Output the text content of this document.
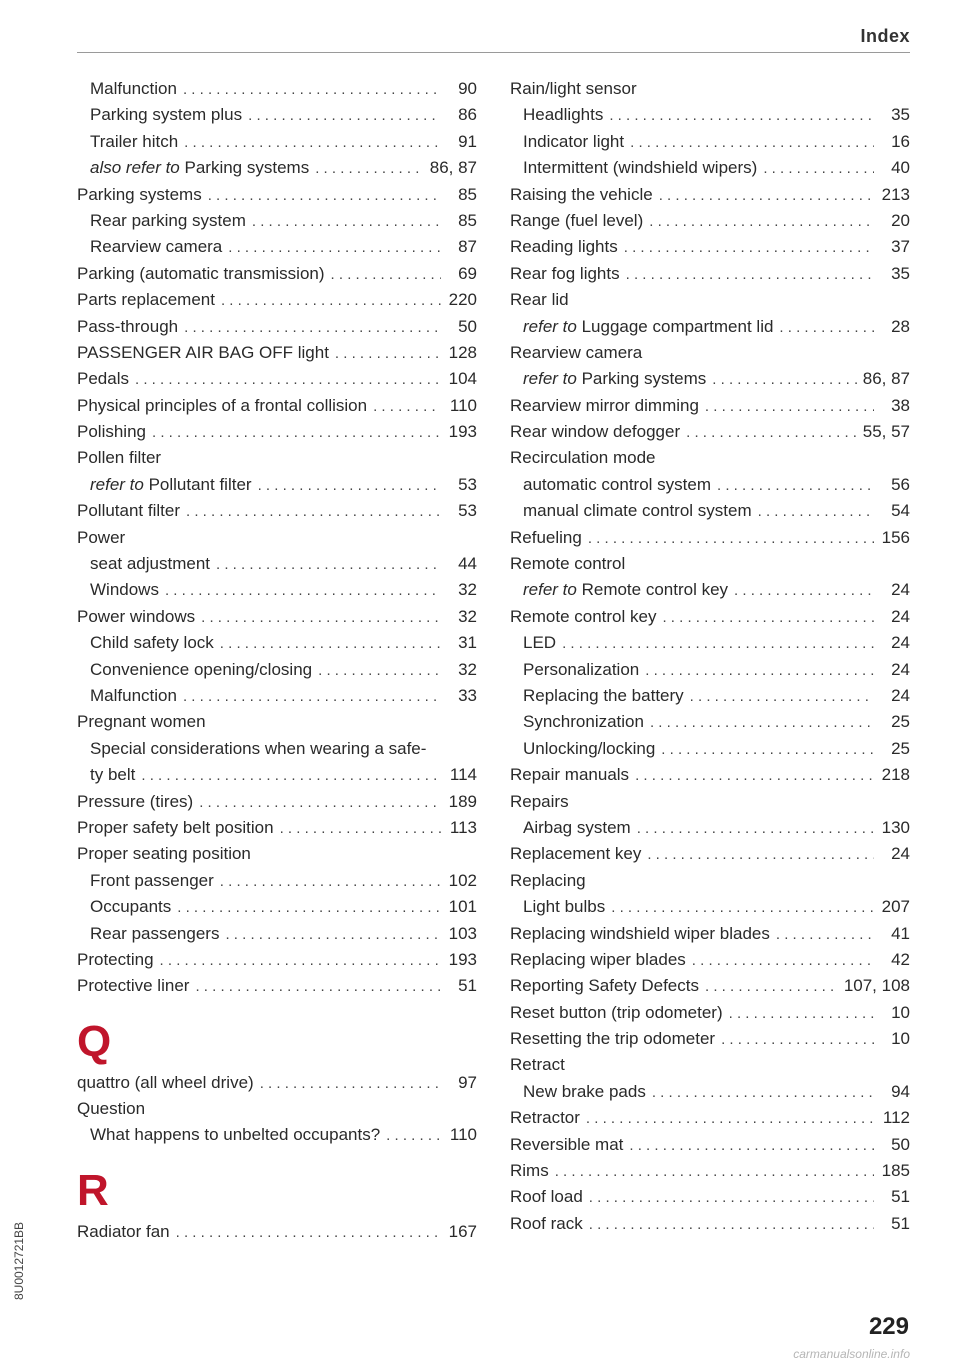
Index
Malfunction . . .	90
Parking system plus . . .	86
Trailer hitch . . .	91
also refer to Parking systems . . .	86, 87
Parking systems . . .	85
Rear parking system . . .	85
Rearview camera . . .	87
Parking (automatic transmission) . . .	69
Parts replacement . . .	220
Pass-through . . .	50
PASSENGER AIR BAG OFF light . . .	128
Pedals . . .	104
Physical principles of a frontal collision . . .	110
Polishing . . .	193
Pollen filter
refer to Pollutant filter . . .	53
Pollutant filter . . .	53
Power
seat adjustment . . .	44
Windows . . .	32
Power windows . . .	32
Child safety lock . . .	31
Convenience opening/closing . . .	32
Malfunction . . .	33
Pregnant women
Special considerations when wearing a safe-
ty belt . . .	114
Pressure (tires) . . .	189
Proper safety belt position . . .	113
Proper seating position
Front passenger . . .	102
Occupants . . .	101
Rear passengers . . .	103
Protecting . . .	193
Protective liner . . .	51
Q
quattro (all wheel drive) . . .	97
Question
What happens to unbelted occupants? . . .	110
R
Radiator fan . . .	167
Rain/light sensor
Headlights . . .	35
Indicator light . . .	16
Intermittent (windshield wipers) . . .	40
Raising the vehicle . . .	213
Range (fuel level) . . .	20
Reading lights . . .	37
Rear fog lights . . .	35
Rear lid
refer to Luggage compartment lid . . .	28
Rearview camera
refer to Parking systems . . .	86, 87
Rearview mirror dimming . . .	38
Rear window defogger . . .	55, 57
Recirculation mode
automatic control system . . .	56
manual climate control system . . .	54
Refueling . . .	156
Remote control
refer to Remote control key . . .	24
Remote control key . . .	24
LED . . .	24
Personalization . . .	24
Replacing the battery . . .	24
Synchronization . . .	25
Unlocking/locking . . .	25
Repair manuals . . .	218
Repairs
Airbag system . . .	130
Replacement key . . .	24
Replacing
Light bulbs . . .	207
Replacing windshield wiper blades . . .	41
Replacing wiper blades . . .	42
Reporting Safety Defects . . .	107, 108
Reset button (trip odometer) . . .	10
Resetting the trip odometer . . .	10
Retract
New brake pads . . .	94
Retractor . . .	112
Reversible mat . . .	50
Rims . . .	185
Roof load . . .	51
Roof rack . . .	51
8U0012721BB
229
carmanualsonline.info
